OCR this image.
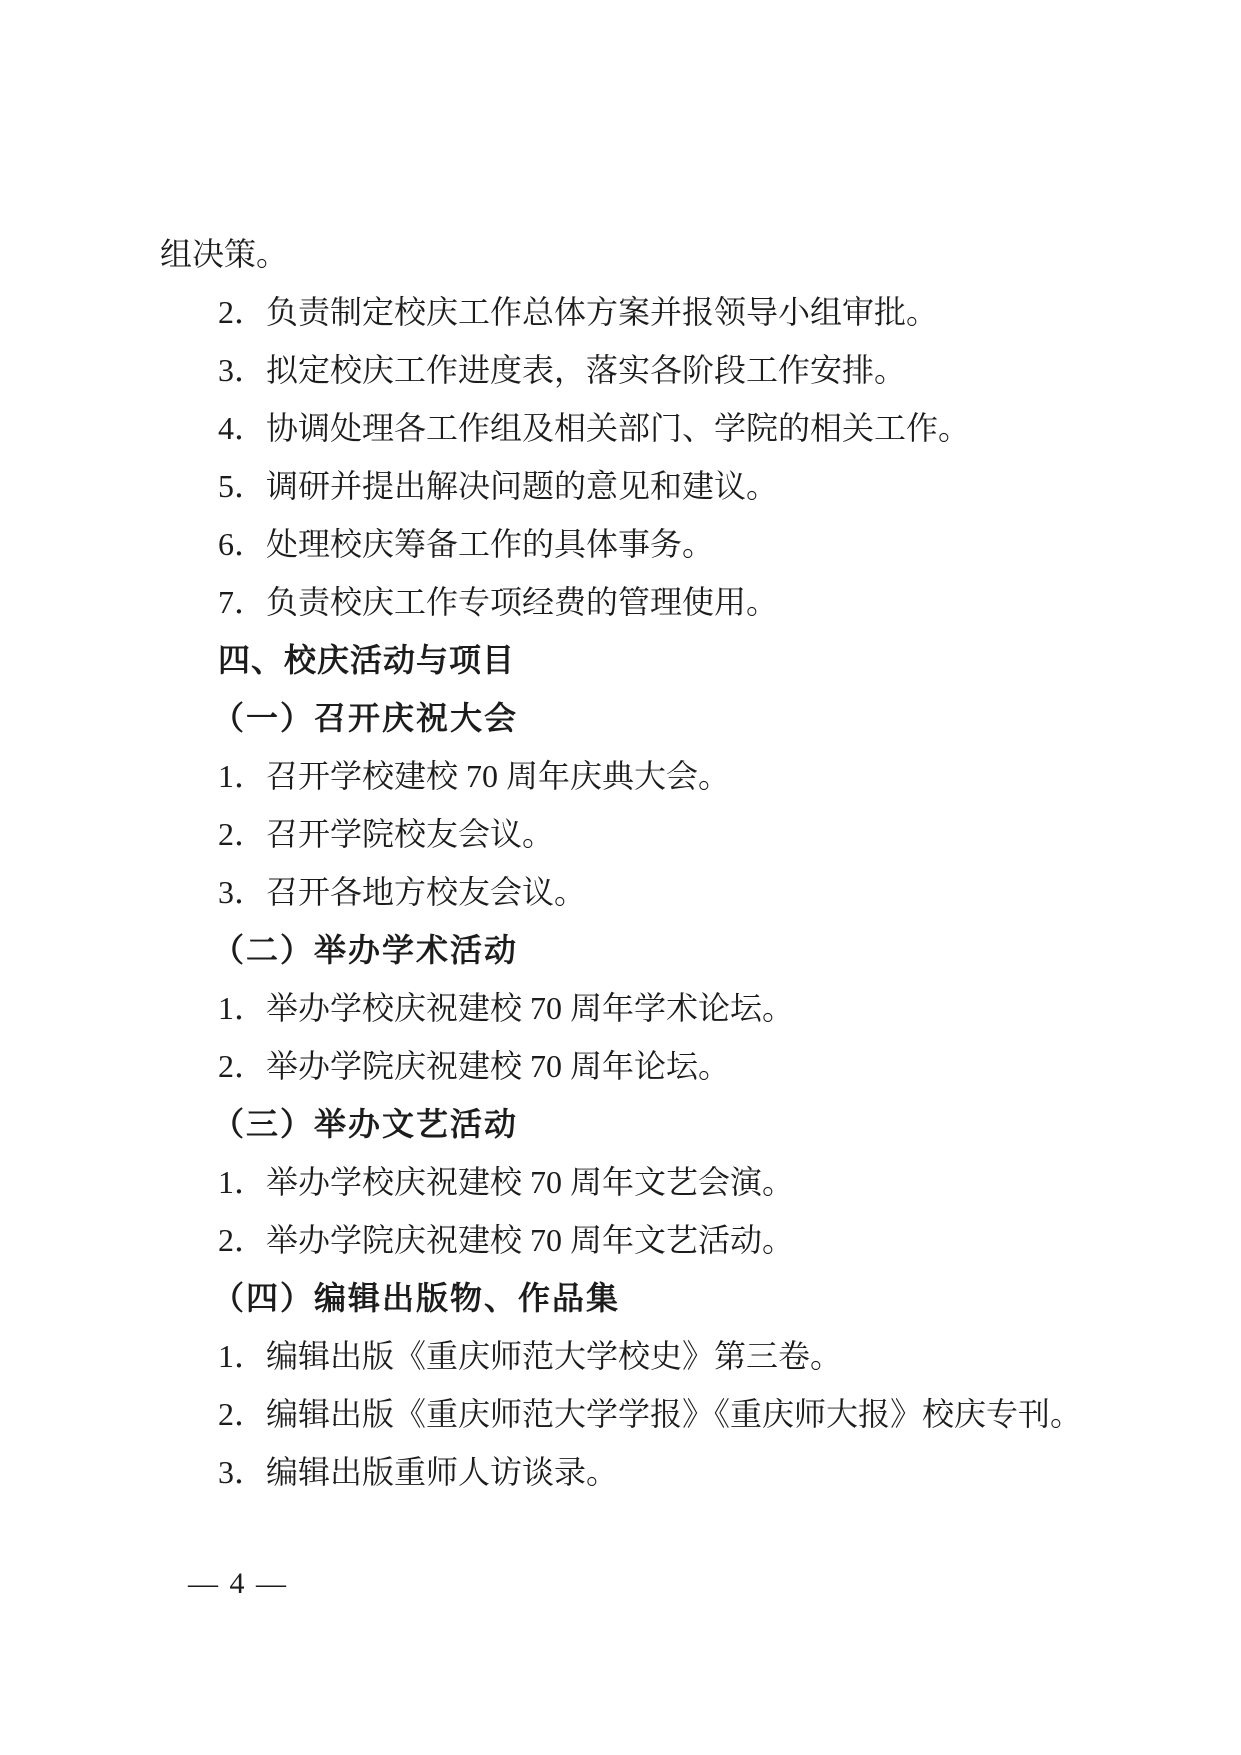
组决策。

2．负责制定校庆工作总体方案并报领导小组审批。

3．拟定校庆工作进度表，落实各阶段工作安排。

4．协调处理各工作组及相关部门、学院的相关工作。

5．调研并提出解决问题的意见和建议。

6．处理校庆筹备工作的具体事务。

7．负责校庆工作专项经费的管理使用。

四、校庆活动与项目

（一）召开庆祝大会

1．召开学校建校 70 周年庆典大会。

2．召开学院校友会议。

3．召开各地方校友会议。

（二）举办学术活动

1．举办学校庆祝建校 70 周年学术论坛。

2．举办学院庆祝建校 70 周年论坛。

（三）举办文艺活动

1．举办学校庆祝建校 70 周年文艺会演。

2．举办学院庆祝建校 70 周年文艺活动。

（四）编辑出版物、作品集

1．编辑出版《重庆师范大学校史》第三卷。

2．编辑出版《重庆师范大学学报》《重庆师大报》校庆专刊。

3．编辑出版重师人访谈录。

— 4 —
